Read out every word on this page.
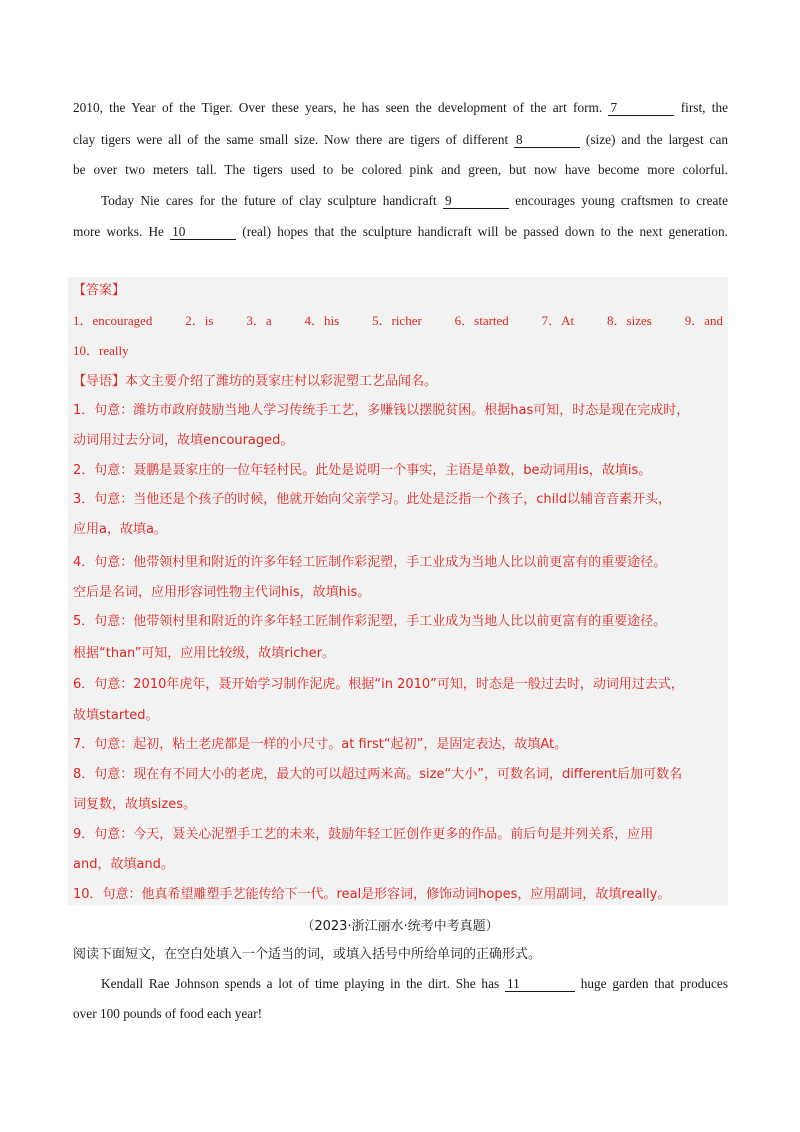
2010, the Year of the Tiger. Over these years, he has seen the development of the art form. 7	first, the
clay tigers were all of the same small size. Now there are tigers of different 8	(size) and the largest can
be over two meters tall. The tigers used to be colored pink and green, but now have become more colorful.
Today Nie cares for the future of clay sculpture handicraft 9	encourages young craftsmen to create
more works. He 10	(real) hopes that the sculpture handicraft will be passed down to the next generation.
【答案】
1．encouraged	2．is	3．a	4．his	5．richer	6．started	7．At	8．sizes	9．and
10．really
【导语】本文主要介绍了潍坊的聂家庄村以彩泥塑工艺品闻名。
1．句意：潍坊市政府鼓励当地人学习传统手工艺，多赚钱以摆脱贫困。根据has可知，时态是现在完成时，
动词用过去分词，故填encouraged。
2．句意：聂鹏是聂家庄的一位年轻村民。此处是说明一个事实，主语是单数，be动词用is，故填is。
3．句意：当他还是个孩子的时候，他就开始向父亲学习。此处是泛指一个孩子，child以辅音音素开头，
应用a，故填a。
4．句意：他带领村里和附近的许多年轻工匠制作彩泥塑，手工业成为当地人比以前更富有的重要途径。
空后是名词，应用形容词性物主代词his，故填his。
5．句意：他带领村里和附近的许多年轻工匠制作彩泥塑，手工业成为当地人比以前更富有的重要途径。
根据“than”可知，应用比较级，故填richer。
6．句意：2010年虎年，聂开始学习制作泥虎。根据“in 2010”可知，时态是一般过去时，动词用过去式，
故填started。
7．句意：起初，粘土老虎都是一样的小尺寸。at first“起初”，是固定表达，故填At。
8．句意：现在有不同大小的老虎，最大的可以超过两米高。size“大小”，可数名词，different后加可数名
词复数，故填sizes。
9．句意：今天，聂关心泥塑手工艺的未来，鼓励年轻工匠创作更多的作品。前后句是并列关系，应用
and，故填and。
10．句意：他真希望雕塑手艺能传给下一代。real是形容词，修饰动词hopes，应用副词，故填really。
（2023·浙江丽水·统考中考真题）
阅读下面短文，在空白处填入一个适当的词，或填入括号中所给单词的正确形式。
Kendall Rae Johnson spends a lot of time playing in the dirt. She has 11	huge garden that produces
over 100 pounds of food each year!
